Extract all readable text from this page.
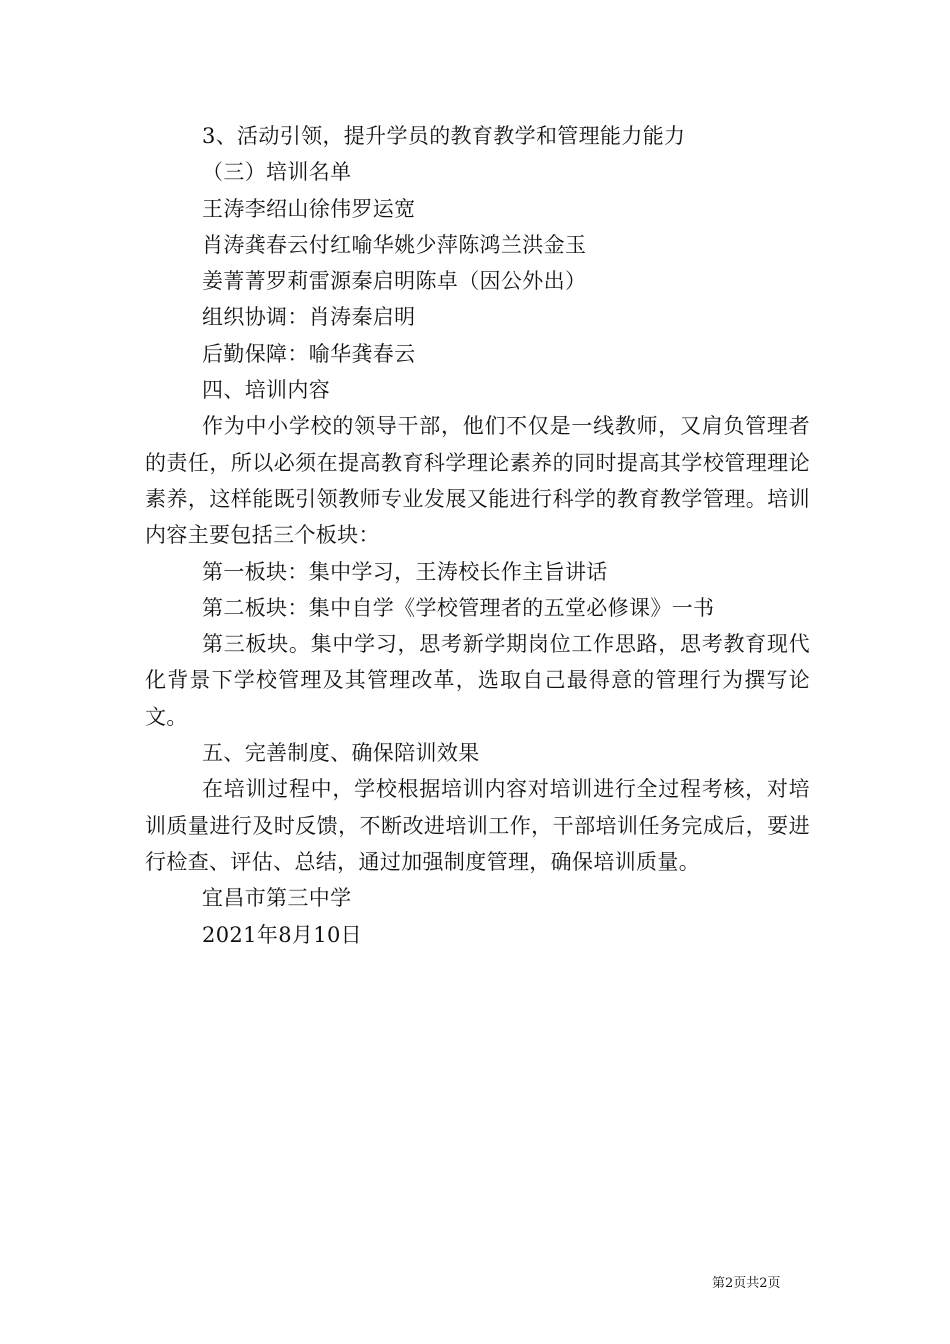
3、活动引领，提升学员的教育教学和管理能力能力

（三）培训名单

王涛李绍山徐伟罗运宽

肖涛龚春云付红喻华姚少萍陈鸿兰洪金玉

姜菁菁罗莉雷源秦启明陈卓（因公外出）

组织协调：肖涛秦启明

后勤保障：喻华龚春云

四、培训内容

作为中小学校的领导干部，他们不仅是一线教师，又肩负管理者的责任，所以必须在提高教育科学理论素养的同时提高其学校管理理论素养，这样能既引领教师专业发展又能进行科学的教育教学管理。培训内容主要包括三个板块：

第一板块：集中学习，王涛校长作主旨讲话

第二板块：集中自学《学校管理者的五堂必修课》一书

第三板块。集中学习，思考新学期岗位工作思路，思考教育现代化背景下学校管理及其管理改革，选取自己最得意的管理行为撰写论文。

五、完善制度、确保陪训效果

在培训过程中，学校根据培训内容对培训进行全过程考核，对培训质量进行及时反馈，不断改进培训工作，干部培训任务完成后，要进行检查、评估、总结，通过加强制度管理，确保培训质量。

宜昌市第三中学

2021年8月10日

第2页共2页
